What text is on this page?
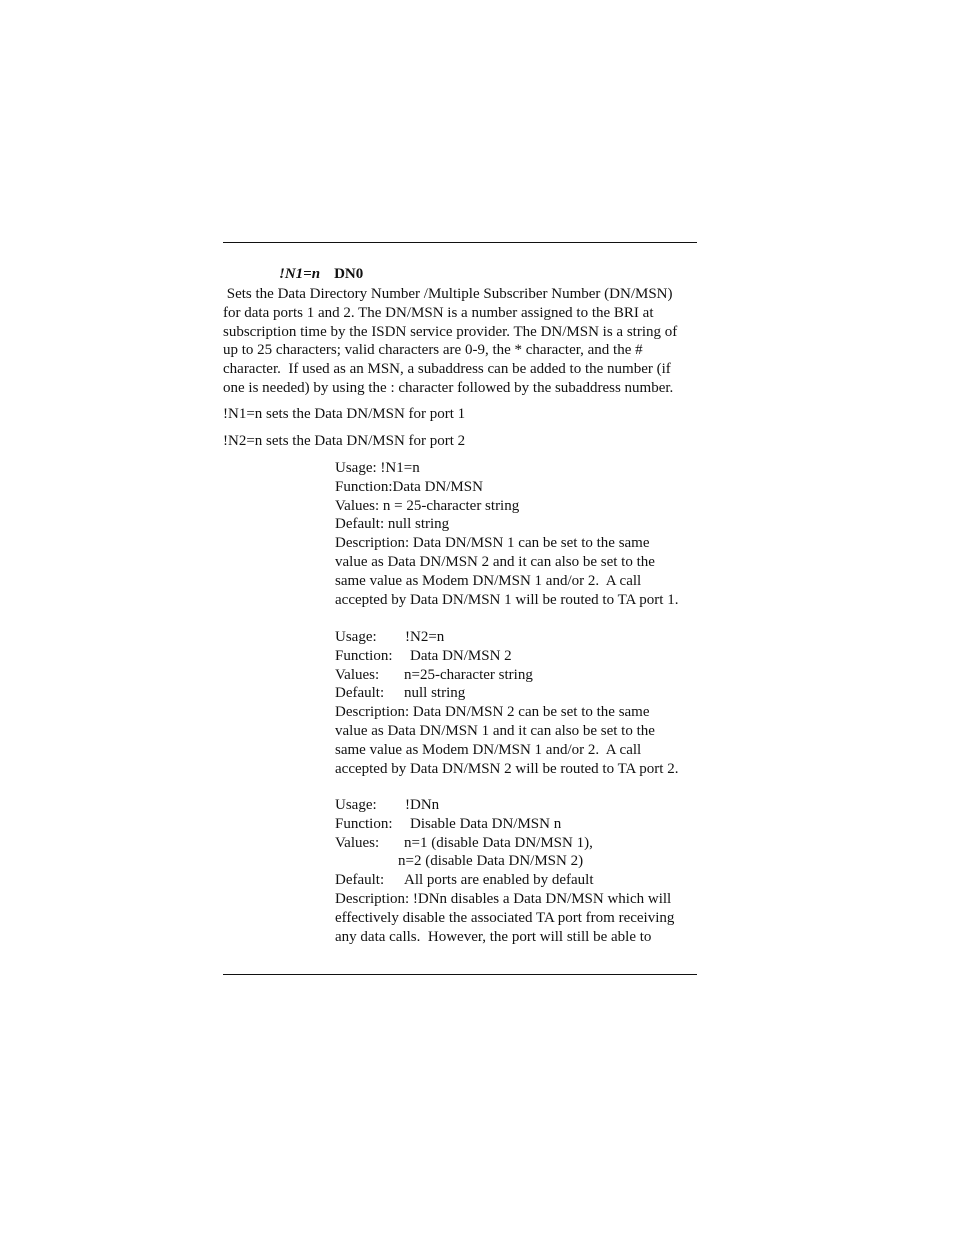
!N1=n DN0
Sets the Data Directory Number /Multiple Subscriber Number (DN/MSN)
for data ports 1 and 2. The DN/MSN is a number assigned to the BRI at
subscription time by the ISDN service provider. The DN/MSN is a string of
up to 25 characters; valid characters are 0-9, the * character, and the #
character.  If used as an MSN, a subaddress can be added to the number (if
one is needed) by using the : character followed by the subaddress number.
!N1=n sets the Data DN/MSN for port 1
!N2=n sets the Data DN/MSN for port 2
Usage: !N1=n
Function:Data DN/MSN
Values: n = 25-character string
Default: null string
Description: Data DN/MSN 1 can be set to the same
value as Data DN/MSN 2 and it can also be set to the
same value as Modem DN/MSN 1 and/or 2.  A call
accepted by Data DN/MSN 1 will be routed to TA port 1.
Usage: !N2=n
Function: Data DN/MSN 2
Values: n=25-character string
Default: null string
Description: Data DN/MSN 2 can be set to the same
value as Data DN/MSN 1 and it can also be set to the
same value as Modem DN/MSN 1 and/or 2.  A call
accepted by Data DN/MSN 2 will be routed to TA port 2.
Usage: !DNn
Function: Disable Data DN/MSN n
Values: n=1 (disable Data DN/MSN 1),
n=2 (disable Data DN/MSN 2)
Default: All ports are enabled by default
Description: !DNn disables a Data DN/MSN which will
effectively disable the associated TA port from receiving
any data calls.  However, the port will still be able to
